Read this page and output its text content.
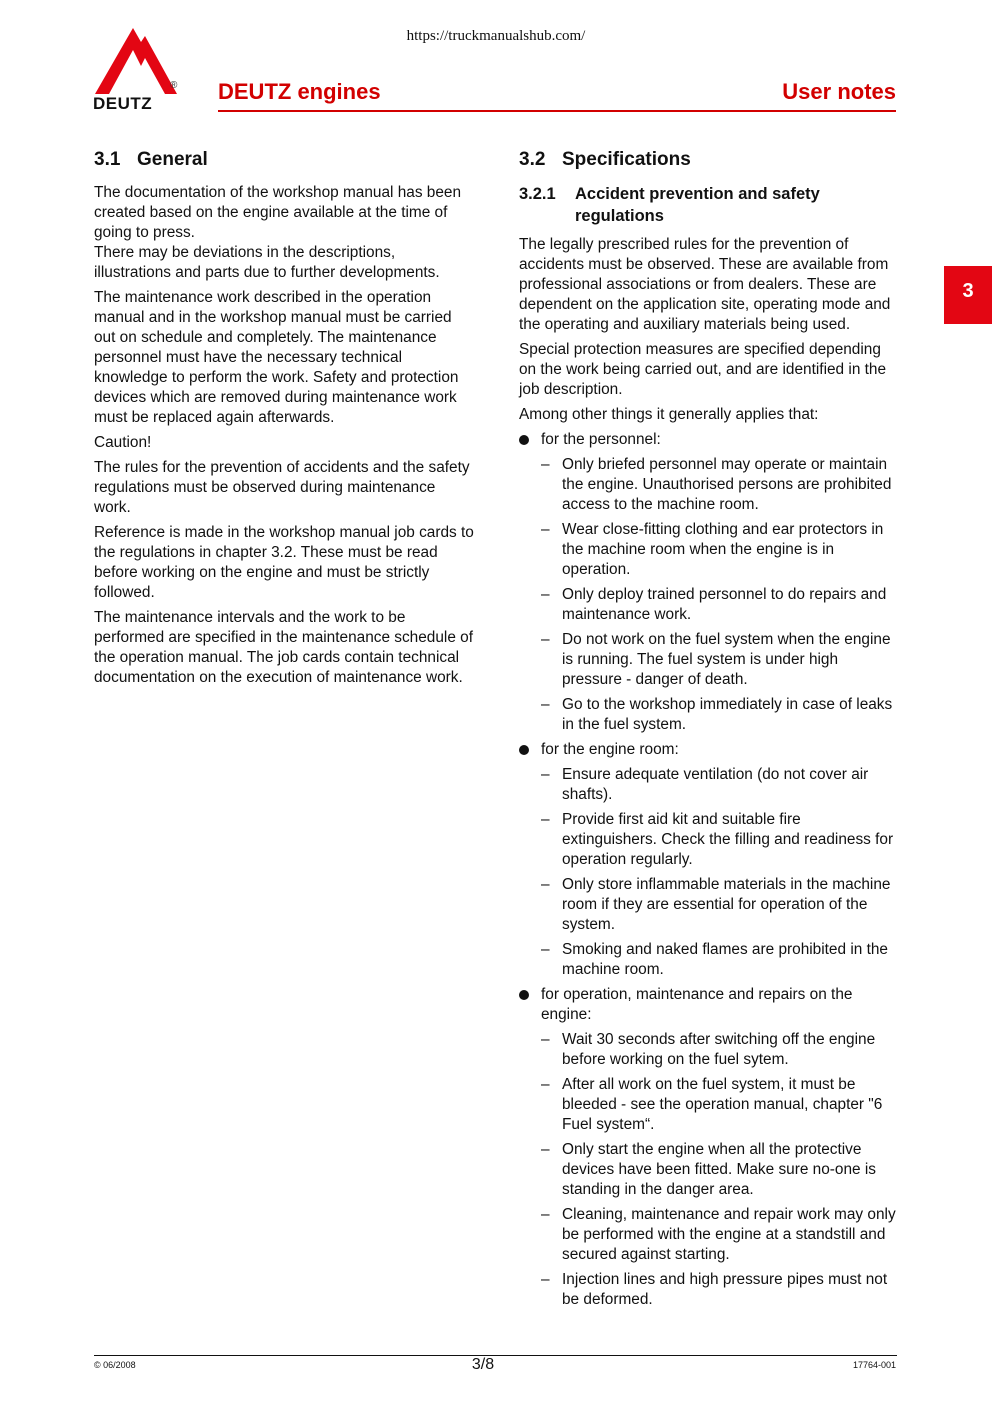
https://truckmanualshub.com/
®
DEUTZ	DEUTZ engines	User notes
3
3.1 General

The documentation of the workshop manual has been created based on the engine available at the time of going to press.

There may be deviations in the descriptions, illustrations and parts due to further developments.

The maintenance work described in the operation manual and in the workshop manual must be carried out on schedule and completely. The maintenance personnel must have the necessary technical knowledge to perform the work. Safety and protection devices which are removed during maintenance work must be replaced again afterwards.

Caution!

The rules for the prevention of accidents and the safety regulations must be observed during maintenance work.

Reference is made in the workshop manual job cards to the regulations in chapter 3.2. These must be read before working on the engine and must be strictly followed.

The maintenance intervals and the work to be performed are specified in the maintenance schedule of the operation manual. The job cards contain technical documentation on the execution of maintenance work.

3.2 Specifications
3.2.1	Accident prevention and safety regulations

The legally prescribed rules for the prevention of accidents must be observed. These are available from professional associations or from dealers. These are dependent on the application site, operating mode and the operating and auxiliary materials being used.

Special protection measures are specified depending on the work being carried out, and are identified in the job description.

Among other things it generally applies that:

for the personnel:
– Only briefed personnel may operate or maintain the engine. Unauthorised persons are prohibited access to the machine room.
– Wear close-fitting clothing and ear protectors in the machine room when the engine is in operation.
– Only deploy trained personnel to do repairs and maintenance work.
– Do not work on the fuel system when the engine is running. The fuel system is under high pressure - danger of death.
– Go to the workshop immediately in case of leaks in the fuel system.
for the engine room:
– Ensure adequate ventilation (do not cover air shafts).
– Provide first aid kit and suitable fire extinguishers. Check the filling and readiness for operation regularly.
– Only store inflammable materials in the machine room if they are essential for operation of the system.
– Smoking and naked flames are prohibited in the machine room.
for operation, maintenance and repairs on the engine:
– Wait 30 seconds after switching off the engine before working on the fuel sytem.
– After all work on the fuel system, it must be bleeded - see the operation manual, chapter "6 Fuel system“.
– Only start the engine when all the protective devices have been fitted. Make sure no-one is standing in the danger area.
– Cleaning, maintenance and repair work may only be performed with the engine at a standstill and secured against starting.
– Injection lines and high pressure pipes must not be deformed.
© 06/2008	3/8	17764-001
